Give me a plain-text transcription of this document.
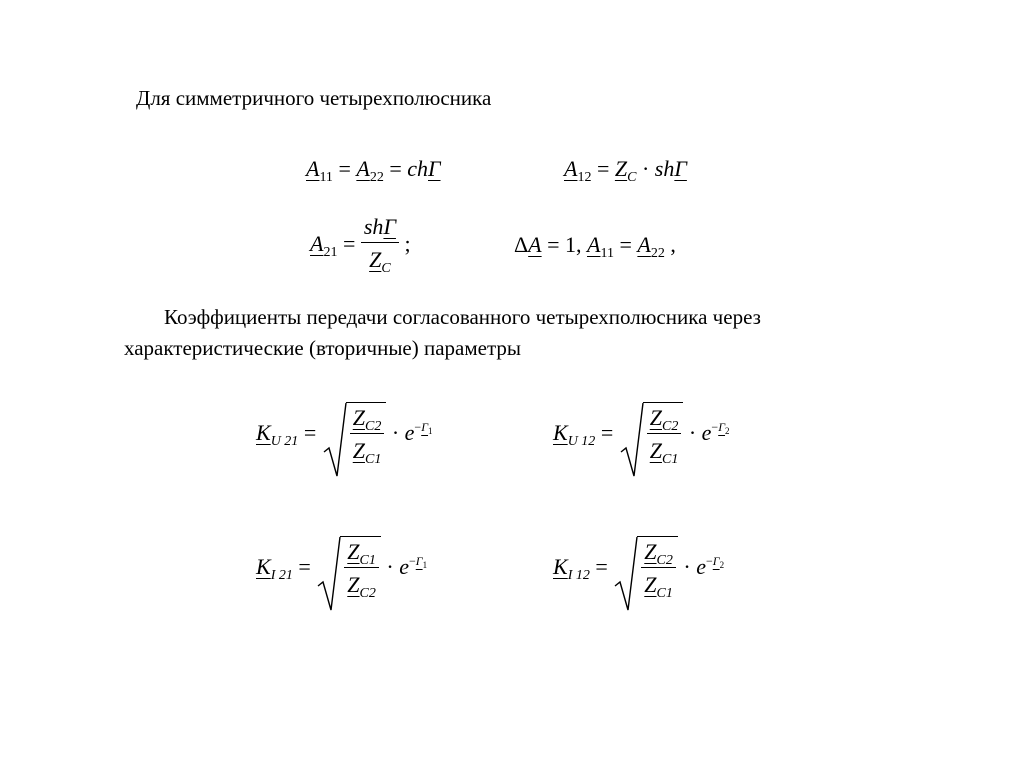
Для симметричного четырехполюсника
$A_{11} = A_{22} = ch\Gamma$	$A_{12} = Z_C \cdot sh\Gamma$
$A_{21} = \frac{\text{shΓ}}{Z_C}$ ;	ΔA = 1, $A_{11} = A_{22}$ ,
Коэффициенты передачи согласованного четырехполюсника через
характеристические (вторичные) параметры
$K_{U 21} = \frac{Z_{C2}}{Z_{C1}} \cdot e^{-\Gamma 1}$	$K_{U 12} = \frac{Z_{C2}}{Z_{C1}} \cdot e^{-\Gamma 2}$
$K_{I 21} = \frac{Z_{C1}}{Z_{C2}} \cdot e^{-\Gamma 1}$	$K_{I 12} = \frac{Z_{C2}}{Z_{C1}} \cdot e^{-\Gamma 2}$
